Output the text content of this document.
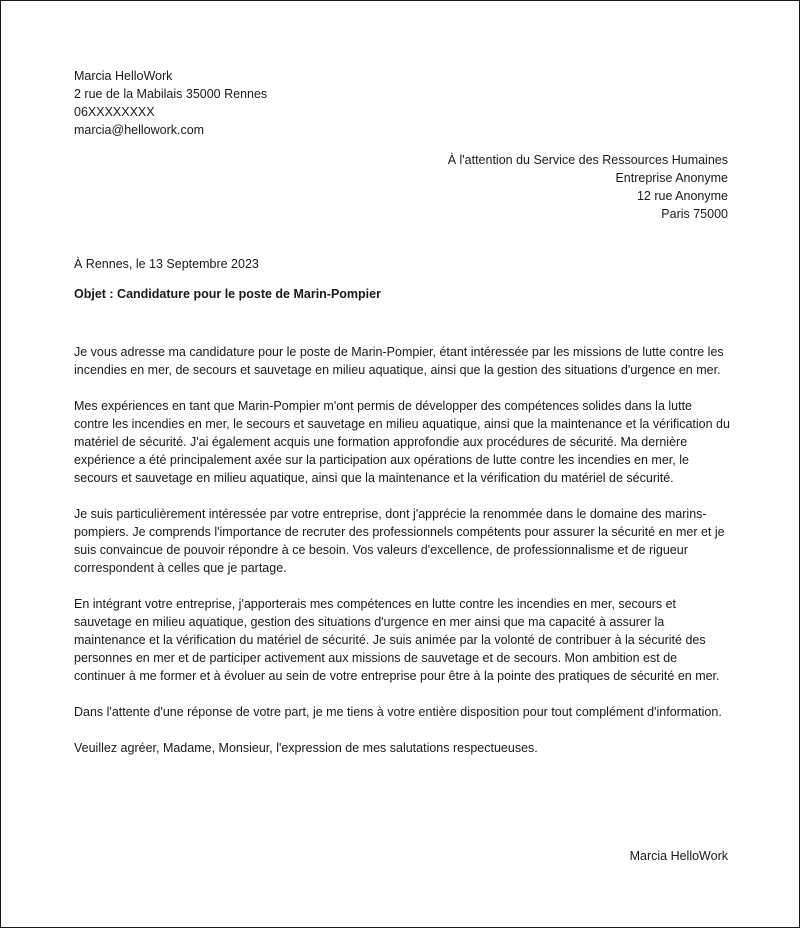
Marcia HelloWork
2 rue de la Mabilais 35000 Rennes
06XXXXXXXX
marcia@hellowork.com
À l'attention du Service des Ressources Humaines
Entreprise Anonyme
12 rue Anonyme
Paris 75000
À Rennes, le 13 Septembre 2023
Objet : Candidature pour le poste de Marin-Pompier

Je vous adresse ma candidature pour le poste de Marin-Pompier, étant intéressée par les missions de lutte contre les incendies en mer, de secours et sauvetage en milieu aquatique, ainsi que la gestion des situations d'urgence en mer.

Mes expériences en tant que Marin-Pompier m'ont permis de développer des compétences solides dans la lutte contre les incendies en mer, le secours et sauvetage en milieu aquatique, ainsi que la maintenance et la vérification du matériel de sécurité. J'ai également acquis une formation approfondie aux procédures de sécurité. Ma dernière expérience a été principalement axée sur la participation aux opérations de lutte contre les incendies en mer, le secours et sauvetage en milieu aquatique, ainsi que la maintenance et la vérification du matériel de sécurité.

Je suis particulièrement intéressée par votre entreprise, dont j'apprécie la renommée dans le domaine des marins-pompiers. Je comprends l'importance de recruter des professionnels compétents pour assurer la sécurité en mer et je suis convaincue de pouvoir répondre à ce besoin. Vos valeurs d'excellence, de professionnalisme et de rigueur correspondent à celles que je partage.

En intégrant votre entreprise, j'apporterais mes compétences en lutte contre les incendies en mer, secours et sauvetage en milieu aquatique, gestion des situations d'urgence en mer ainsi que ma capacité à assurer la maintenance et la vérification du matériel de sécurité. Je suis animée par la volonté de contribuer à la sécurité des personnes en mer et de participer activement aux missions de sauvetage et de secours. Mon ambition est de continuer à me former et à évoluer au sein de votre entreprise pour être à la pointe des pratiques de sécurité en mer.

Dans l'attente d'une réponse de votre part, je me tiens à votre entière disposition pour tout complément d'information.

Veuillez agréer, Madame, Monsieur, l'expression de mes salutations respectueuses.

Marcia HelloWork
